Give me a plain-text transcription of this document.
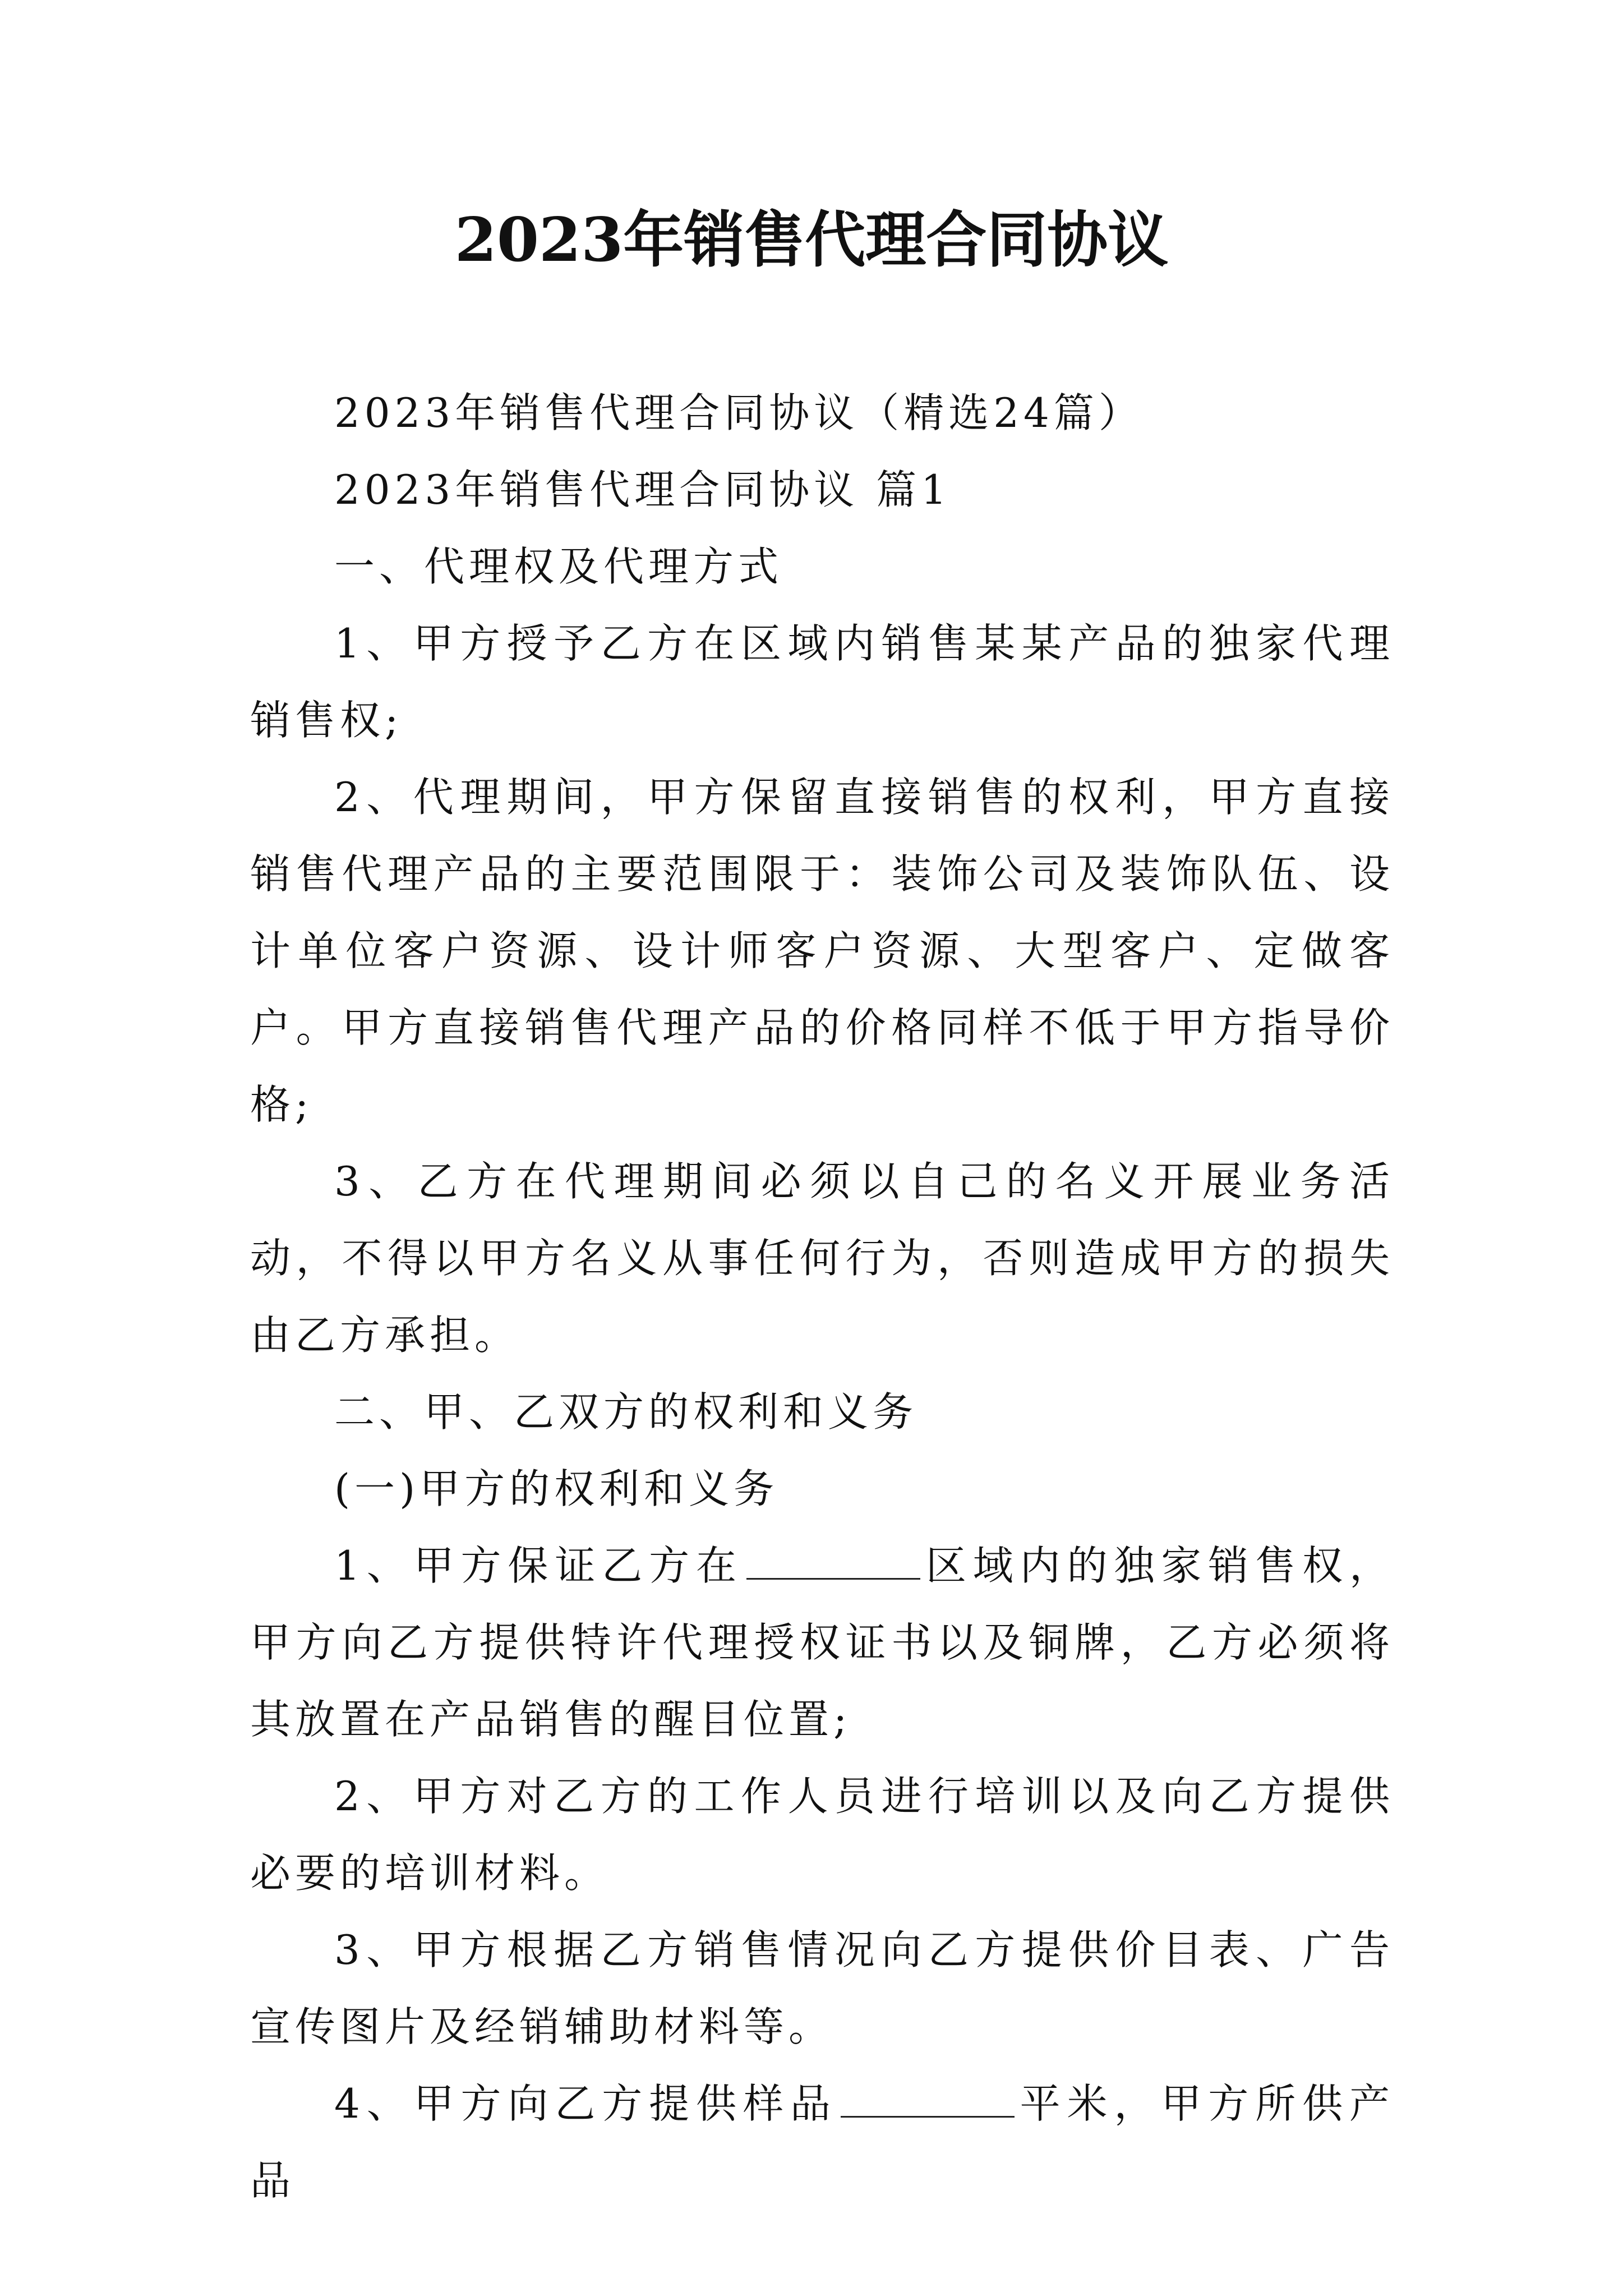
2023年销售代理合同协议

2023年销售代理合同协议（精选24篇）

2023年销售代理合同协议 篇1

一、代理权及代理方式

1、甲方授予乙方在区域内销售某某产品的独家代理销售权;

2、代理期间，甲方保留直接销售的权利，甲方直接销售代理产品的主要范围限于：装饰公司及装饰队伍、设计单位客户资源、设计师客户资源、大型客户、定做客户。甲方直接销售代理产品的价格同样不低于甲方指导价格;

3、乙方在代理期间必须以自己的名义开展业务活动，不得以甲方名义从事任何行为，否则造成甲方的损失由乙方承担。

二、甲、乙双方的权利和义务

(一)甲方的权利和义务

1、甲方保证乙方在	区域内的独家销售权，甲方向乙方提供特许代理授权证书以及铜牌，乙方必须将其放置在产品销售的醒目位置;

2、甲方对乙方的工作人员进行培训以及向乙方提供必要的培训材料。

3、甲方根据乙方销售情况向乙方提供价目表、广告宣传图片及经销辅助材料等。

4、甲方向乙方提供样品	平米，甲方所供产品
